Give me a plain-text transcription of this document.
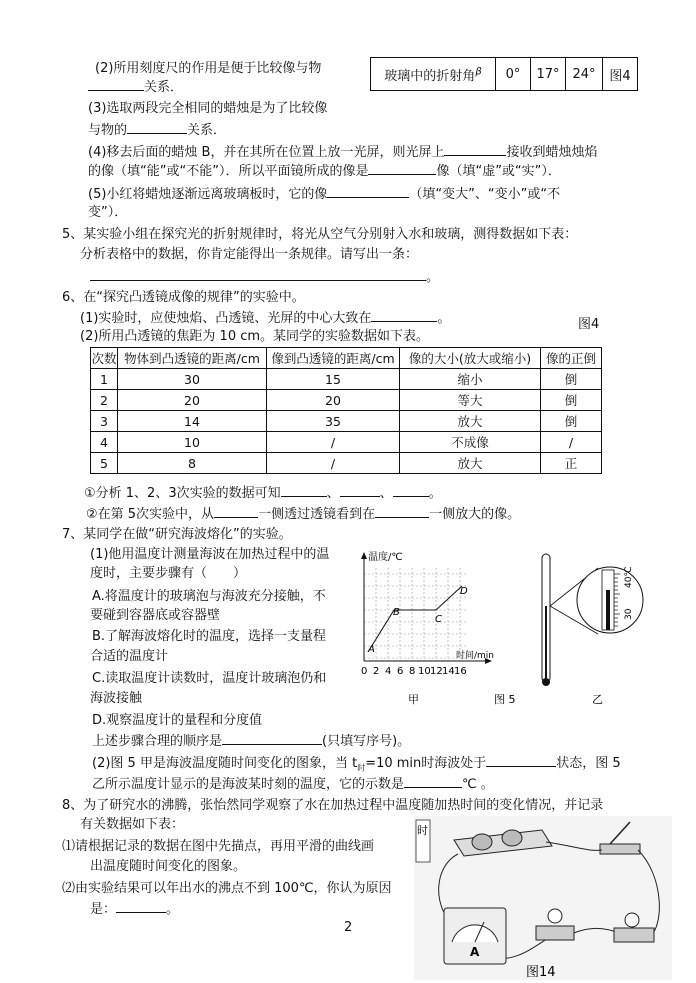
玻璃中的折射角$^\beta$	0°	17°	24°	图4
(2)所用刻度尺的作用是便于比较像与物
关系．
(3)选取两段完全相同的蜡烛是为了比较像
与物的	关系．
(4)移去后面的蜡烛 B，并在其所在位置上放一光屏，则光屏上	接收到蜡烛烛焰
的像（填“能”或“不能”）．所以平面镜所成的像是	像（填“虚”或“实”）．
(5)小红将蜡烛逐渐远离玻璃板时，它的像	（填“变大”、“变小”或“不
变”）．
5、某实验小组在探究光的折射规律时，将光从空气分别射入水和玻璃，测得数据如下表：
分析表格中的数据，你肯定能得出一条规律。请写出一条：
。
6、在“探究凸透镜成像的规律”的实验中。
(1)实验时，应使烛焰、凸透镜、光屏的中心大致在	。	图4
(2)所用凸透镜的焦距为 10 cm。某同学的实验数据如下表。
次数	物体到凸透镜的距离/cm	像到凸透镜的距离/cm	像的大小(放大或缩小)	像的正倒
1	30	15	缩小	倒
2	20	20	等大	倒
3	14	35	放大	倒
4	10	/	不成像	/
5	8	/	放大	正
①分析 1、2、3次实验的数据可知	、	、	。
②在第 5次实验中，从	一侧透过透镜看到在	一侧放大的像。
7、某同学在做“研究海波熔化”的实验。
(1)他用温度计测量海波在加热过程中的温
度时，主要步骤有（　　）
A.将温度计的玻璃泡与海波充分接触，不
要碰到容器底或容器壁
B.了解海波熔化时的温度，选择一支量程
合适的温度计
C.读取温度计读数时，温度计玻璃泡仍和
海波接触
D.观察温度计的量程和分度值
上述步骤合理的顺序是	(只填写序号)。
温度/℃
时间/min
A
B
C
D
0 2 4 6 8 10 12 14 16
甲	图 5	乙
40℃
30
(2)图 5 甲是海波温度随时间变化的图象，当 $t_时=10$ min时海波处于	状态，图 5
乙所示温度计显示的是海波某时刻的温度，它的示数是	℃ 。
8、为了研究水的沸腾，张怡然同学观察了水在加热过程中温度随加热时间的变化情况，并记录
有关数据如下表：
⑴请根据记录的数据在图中先描点，再用平滑的曲线画
出温度随时间变化的图象。
⑵由实验结果可以年出水的沸点不到 100℃，你认为原因
是：	。
2
时
A
图14
